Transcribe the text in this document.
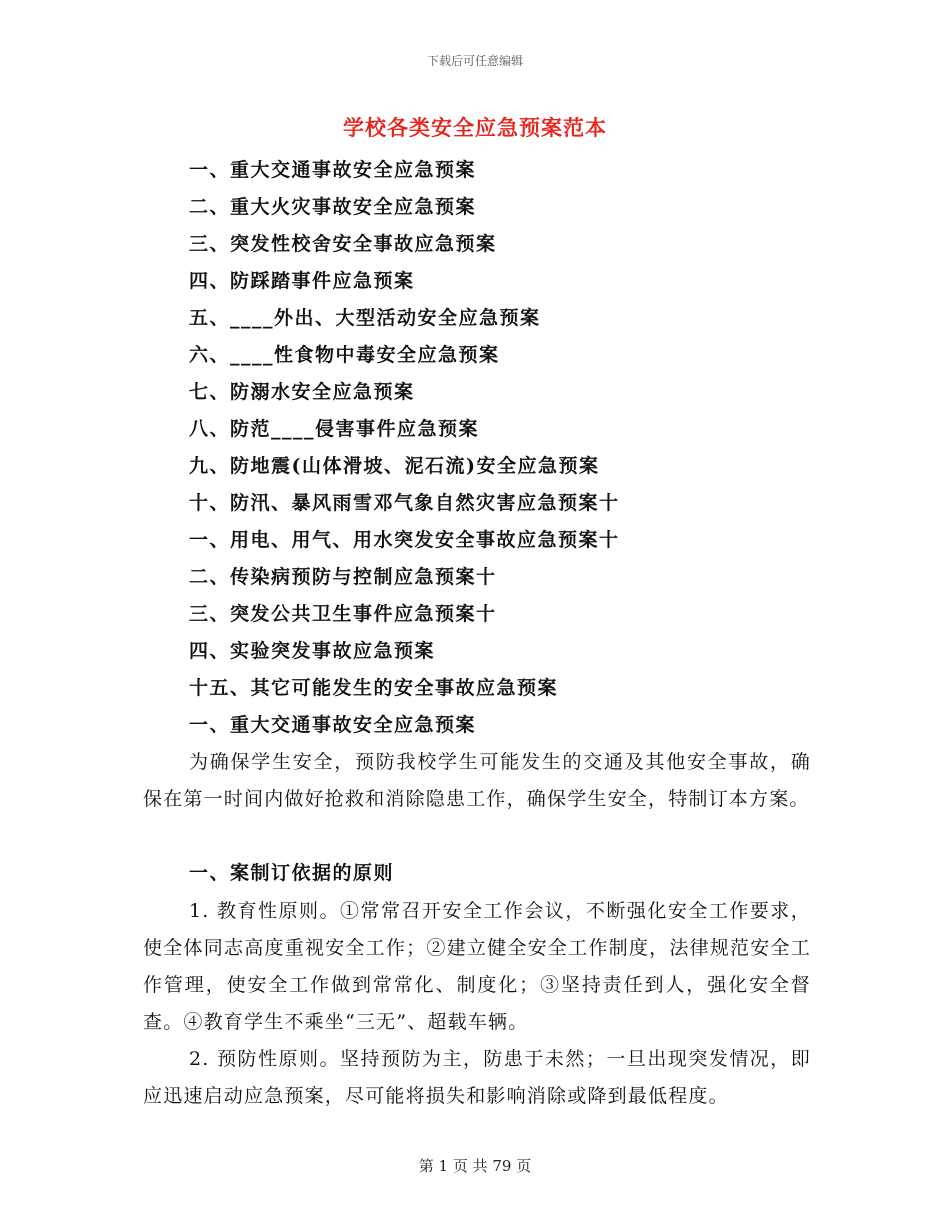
下载后可任意编辑
学校各类安全应急预案范本
一、重大交通事故安全应急预案
二、重大火灾事故安全应急预案
三、突发性校舍安全事故应急预案
四、防踩踏事件应急预案
五、____外出、大型活动安全应急预案
六、____性食物中毒安全应急预案
七、防溺水安全应急预案
八、防范____侵害事件应急预案
九、防地震(山体滑坡、泥石流)安全应急预案
十、防汛、暴风雨雪邓气象自然灾害应急预案十
一、用电、用气、用水突发安全事故应急预案十
二、传染病预防与控制应急预案十
三、突发公共卫生事件应急预案十
四、实验突发事故应急预案
十五、其它可能发生的安全事故应急预案
一、重大交通事故安全应急预案

为确保学生安全，预防我校学生可能发生的交通及其他安全事故，确保在第一时间内做好抢救和消除隐患工作，确保学生安全，特制订本方案。

一、案制订依据的原则

1. 教育性原则。①常常召开安全工作会议，不断强化安全工作要求，使全体同志高度重视安全工作；②建立健全安全工作制度，法律规范安全工作管理，使安全工作做到常常化、制度化；③坚持责任到人，强化安全督查。④教育学生不乘坐“三无”、超载车辆。

2. 预防性原则。坚持预防为主，防患于未然；一旦出现突发情况，即应迅速启动应急预案，尽可能将损失和影响消除或降到最低程度。

第 1 页 共 79 页
